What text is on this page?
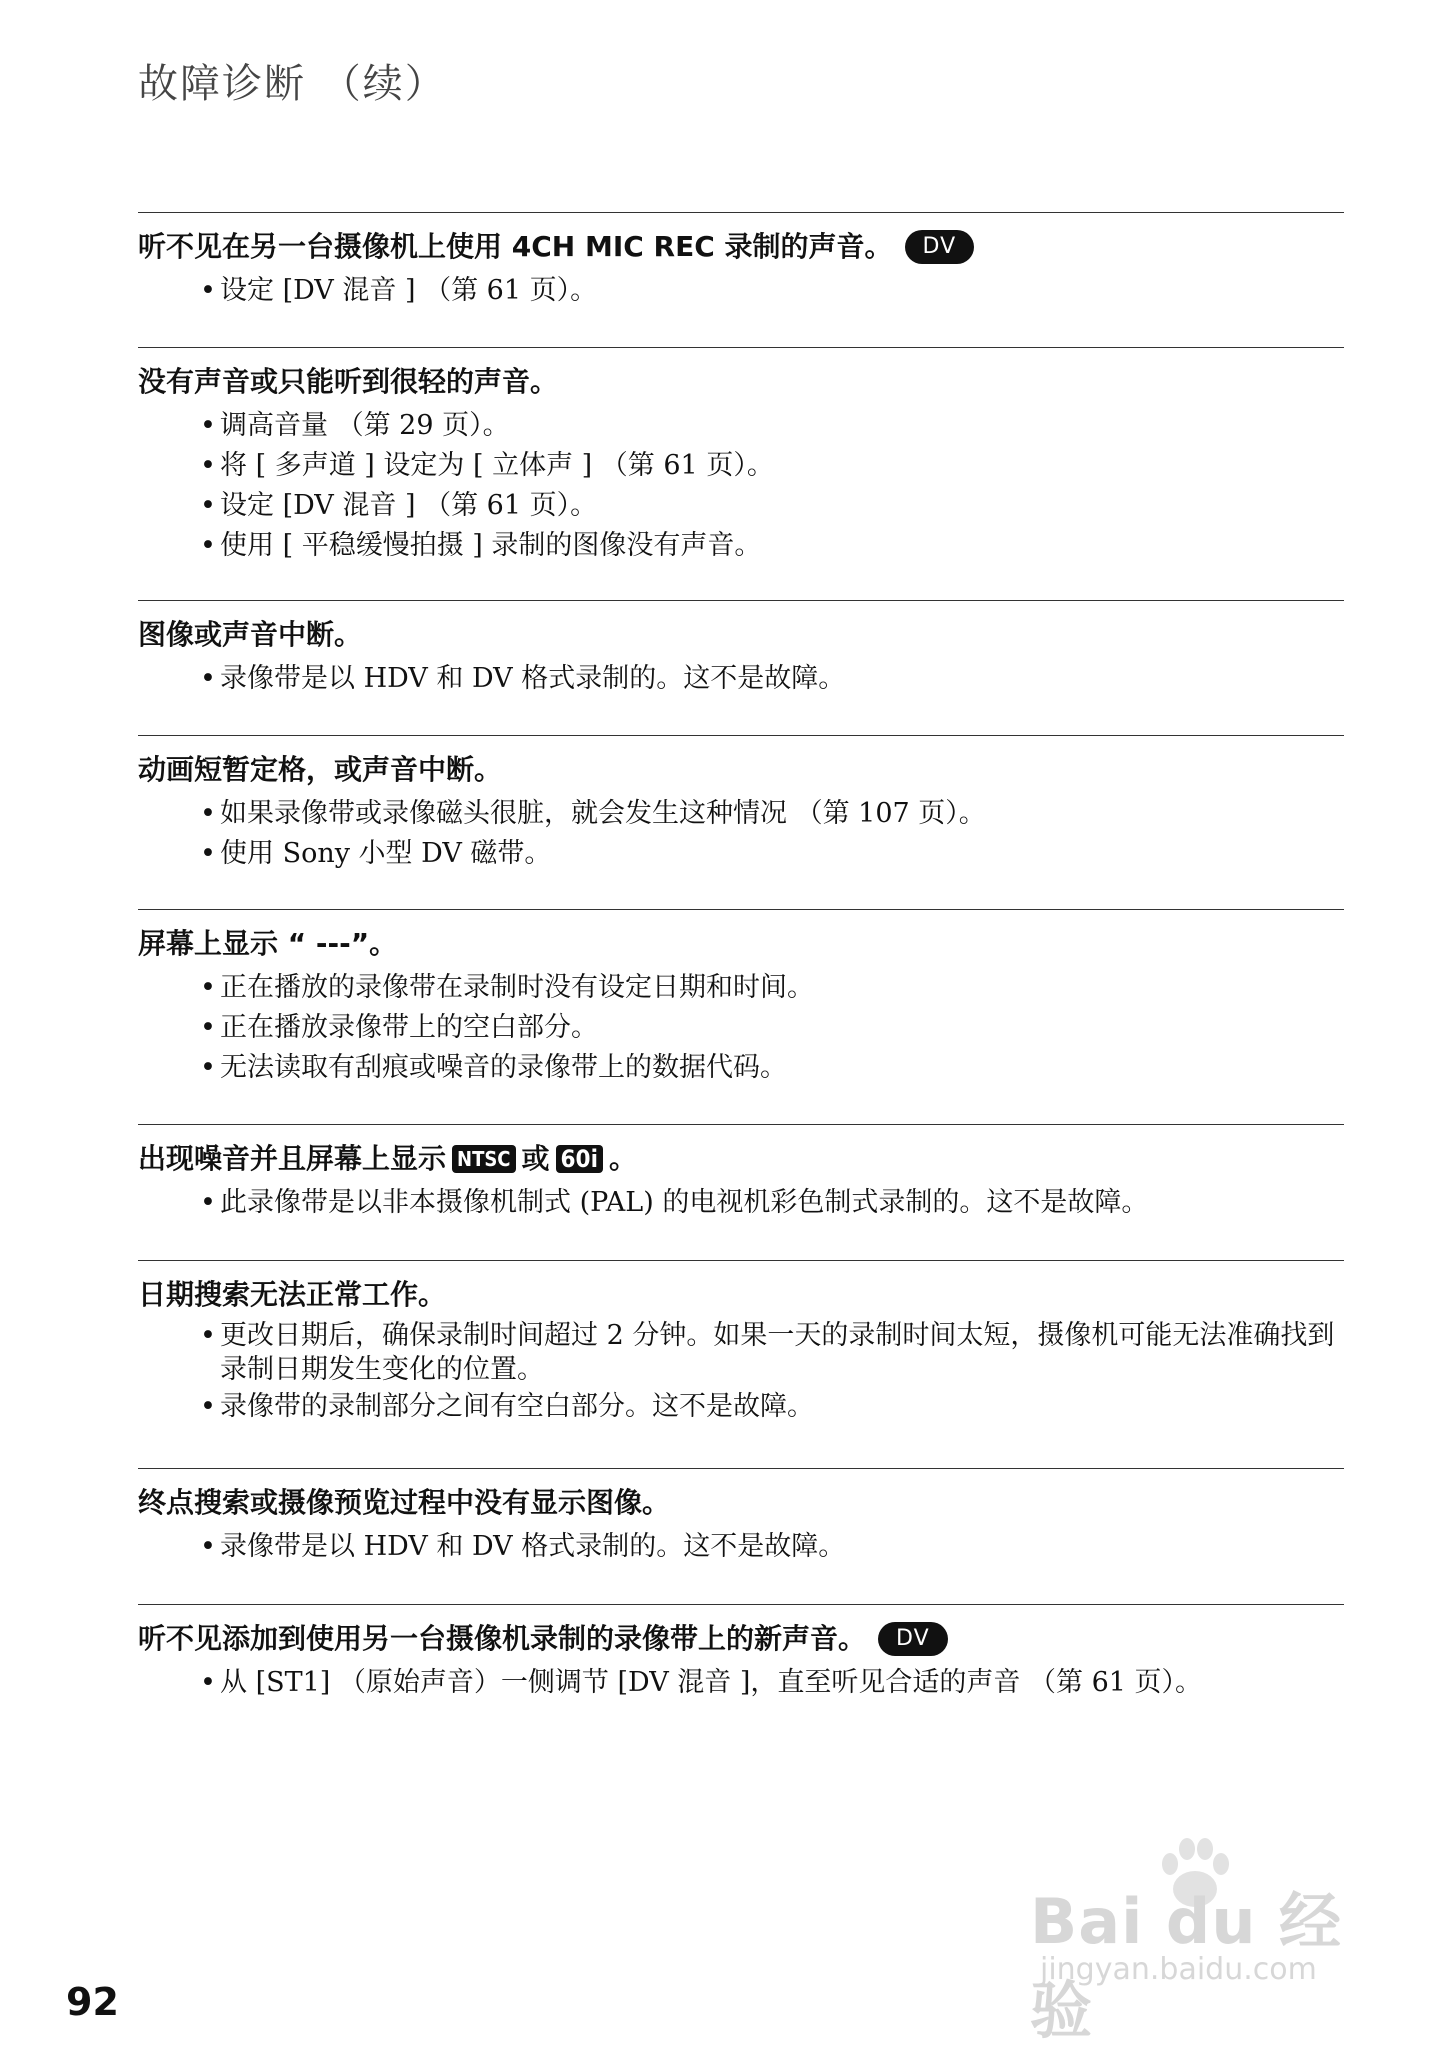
故障诊断 （续）
听不见在另一台摄像机上使用 4CH MIC REC 录制的声音。	DV
• 设定 [DV 混音 ] （第 61 页）。
没有声音或只能听到很轻的声音。
• 调高音量 （第 29 页）。
• 将 [ 多声道 ] 设定为 [ 立体声 ] （第 61 页）。
• 设定 [DV 混音 ] （第 61 页）。
• 使用 [ 平稳缓慢拍摄 ] 录制的图像没有声音。
图像或声音中断。
• 录像带是以 HDV 和 DV 格式录制的。这不是故障。
动画短暂定格，或声音中断。
• 如果录像带或录像磁头很脏，就会发生这种情况 （第 107 页）。
• 使用 Sony 小型 DV 磁带。
屏幕上显示 “ ---”。
• 正在播放的录像带在录制时没有设定日期和时间。
• 正在播放录像带上的空白部分。
• 无法读取有刮痕或噪音的录像带上的数据代码。
出现噪音并且屏幕上显示 NTSC 或 60i 。
• 此录像带是以非本摄像机制式 (PAL) 的电视机彩色制式录制的。这不是故障。
日期搜索无法正常工作。
• 更改日期后，确保录制时间超过 2 分钟。如果一天的录制时间太短，摄像机可能无法准确找到录制日期发生变化的位置。
• 录像带的录制部分之间有空白部分。这不是故障。
终点搜索或摄像预览过程中没有显示图像。
• 录像带是以 HDV 和 DV 格式录制的。这不是故障。
听不见添加到使用另一台摄像机录制的录像带上的新声音。	DV
• 从 [ST1] （原始声音）一侧调节 [DV 混音 ]，直至听见合适的声音 （第 61 页）。
92
Bai du 经验
jingyan.baidu.com
